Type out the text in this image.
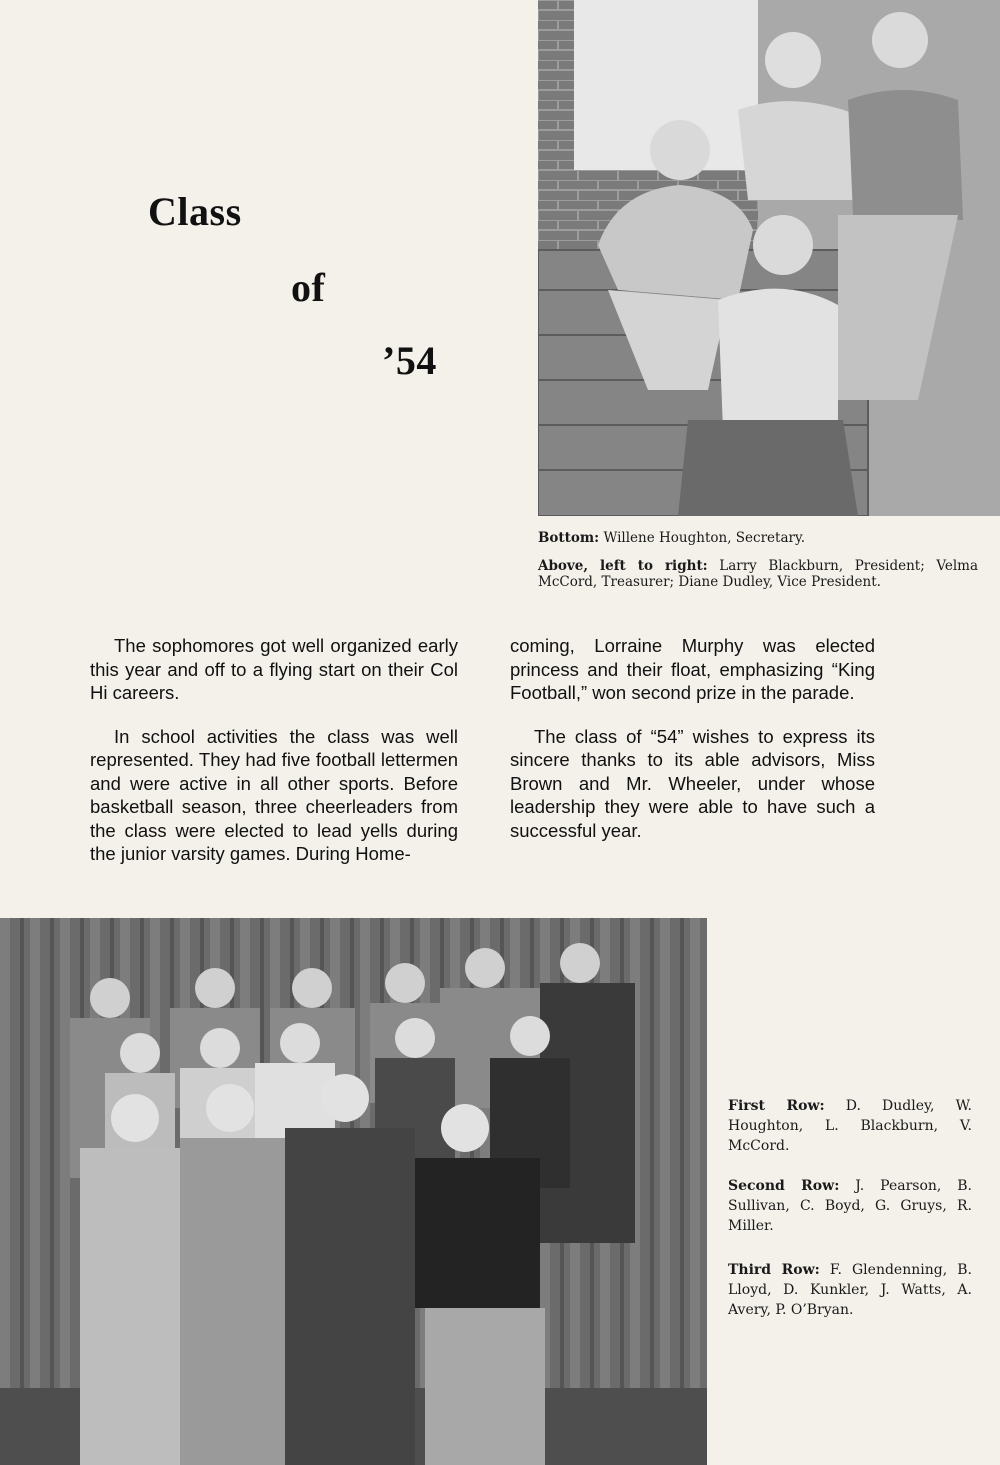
Class
of
’54
Bottom: Willene Houghton, Secretary.
Above, left to right: Larry Blackburn, President; Velma McCord, Treasurer; Diane Dudley, Vice President.

The sophomores got well organized early this year and off to a flying start on their Col Hi careers.

In school activities the class was well represented. They had five football lettermen and were active in all other sports. Before basketball season, three cheerleaders from the class were elected to lead yells during the junior varsity games. During Home-

coming, Lorraine Murphy was elected princess and their float, emphasizing “King Football,” won second prize in the parade.

The class of “54” wishes to express its sincere thanks to its able advisors, Miss Brown and Mr. Wheeler, under whose leadership they were able to have such a successful year.

First Row: D. Dudley, W. Houghton, L. Blackburn, V. McCord.
Second Row: J. Pearson, B. Sullivan, C. Boyd, G. Gruys, R. Miller.
Third Row: F. Glendenning, B. Lloyd, D. Kunkler, J. Watts, A. Avery, P. O’Bryan.
